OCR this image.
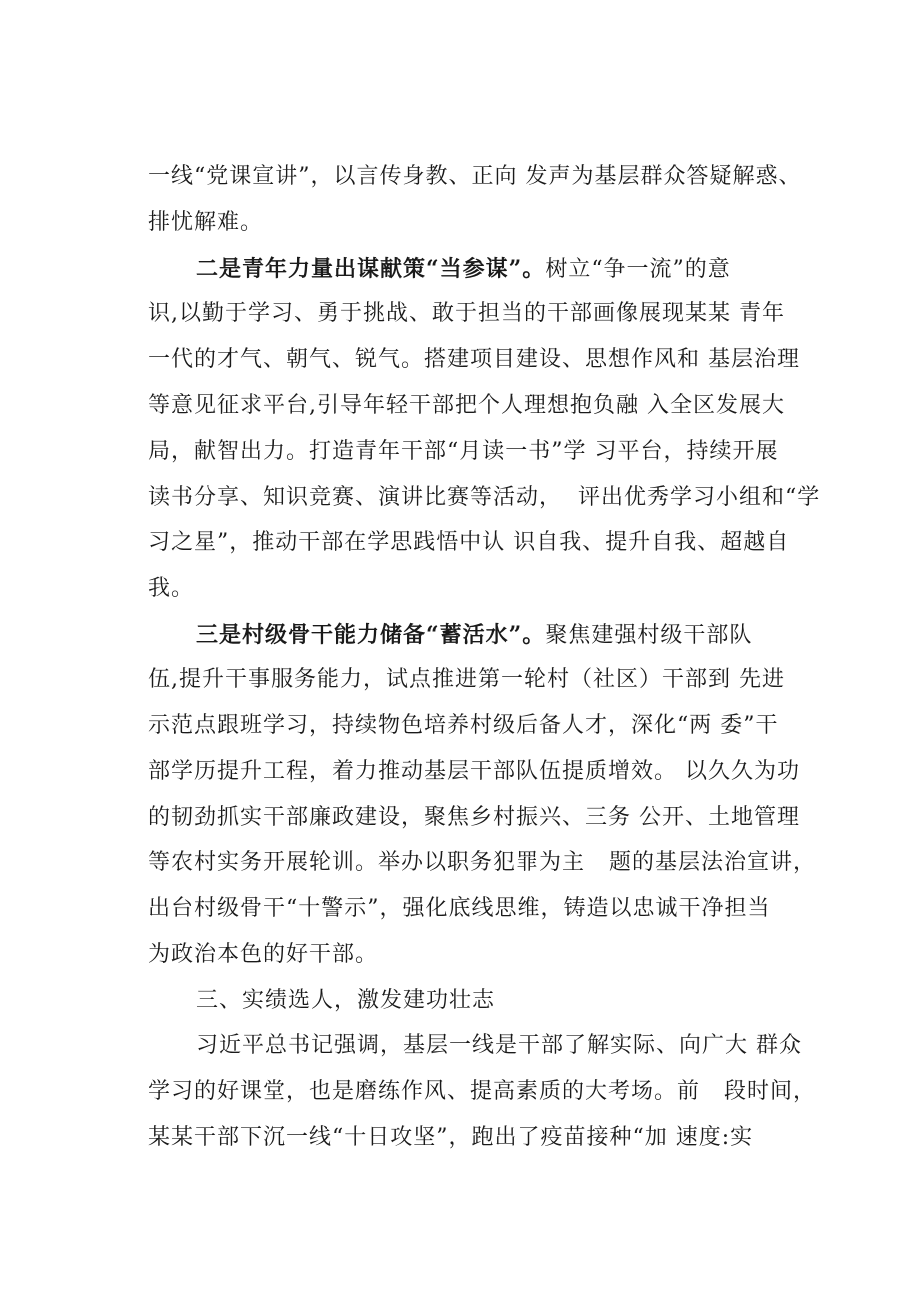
一线“党课宣讲”，以言传身教、正向 发声为基层群众答疑解惑、
排忧解难。
二是青年力量出谋献策“当参谋”。树立“争一流”的意
识,以勤于学习、勇于挑战、敢于担当的干部画像展现某某 青年
一代的才气、朝气、锐气。搭建项目建设、思想作风和 基层治理
等意见征求平台,引导年轻干部把个人理想抱负融 入全区发展大
局，献智出力。打造青年干部“月读一书”学 习平台，持续开展
读书分享、知识竞赛、演讲比赛等活动，  评出优秀学习小组和“学
习之星”，推动干部在学思践悟中认 识自我、提升自我、超越自
我。
三是村级骨干能力储备“蓄活水”。聚焦建强村级干部队
伍,提升干事服务能力，试点推进第一轮村（社区）干部到 先进
示范点跟班学习，持续物色培养村级后备人才，深化“两 委”干
部学历提升工程，着力推动基层干部队伍提质增效。 以久久为功
的韧劲抓实干部廉政建设，聚焦乡村振兴、三务 公开、土地管理
等农村实务开展轮训。举办以职务犯罪为主   题的基层法治宣讲，
出台村级骨干“十警示”，强化底线思维，铸造以忠诚干净担当
为政治本色的好干部。
三、实绩选人，激发建功壮志
习近平总书记强调，基层一线是干部了解实际、向广大 群众
学习的好课堂，也是磨练作风、提高素质的大考场。前   段时间，
某某干部下沉一线“十日攻坚”，跑出了疫苗接种“加 速度:实
